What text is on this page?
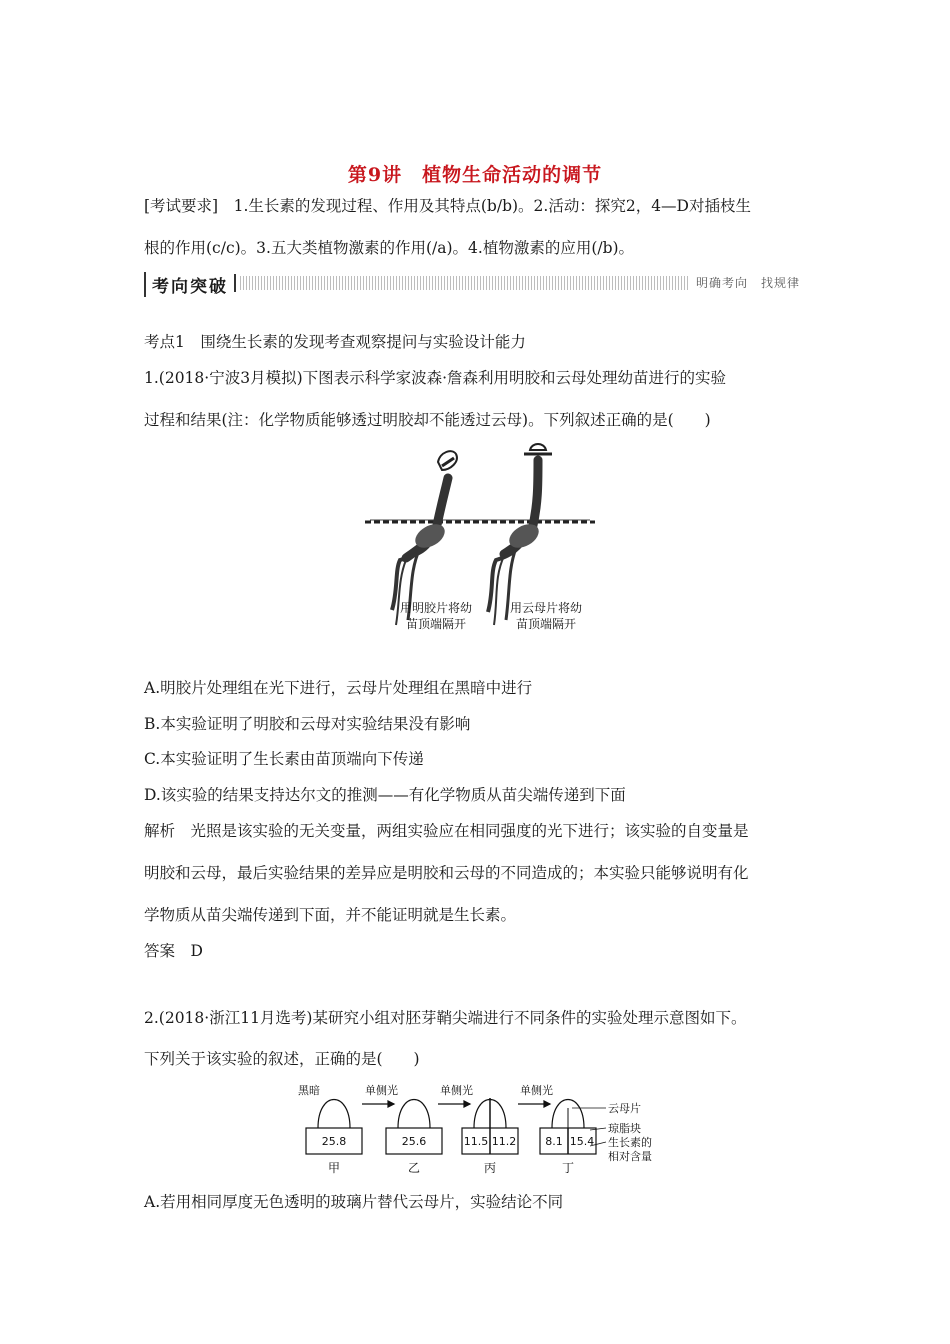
第9讲　植物生命活动的调节
[考试要求]　1.生长素的发现过程、作用及其特点(b/b)。2.活动：探究2，4—D对插枝生
根的作用(c/c)。3.五大类植物激素的作用(/a)。4.植物激素的应用(/b)。
考向突破	明确考向　找规律
考点1　围绕生长素的发现考查观察提问与实验设计能力
1.(2018·宁波3月模拟)下图表示科学家波森·詹森利用明胶和云母处理幼苗进行的实验
过程和结果(注：化学物质能够透过明胶却不能透过云母)。下列叙述正确的是(　　)
用明胶片将幼
苗顶端隔开
用云母片将幼
苗顶端隔开
A.明胶片处理组在光下进行，云母片处理组在黑暗中进行
B.本实验证明了明胶和云母对实验结果没有影响
C.本实验证明了生长素由苗顶端向下传递
D.该实验的结果支持达尔文的推测——有化学物质从苗尖端传递到下面
解析　光照是该实验的无关变量，两组实验应在相同强度的光下进行；该实验的自变量是
明胶和云母，最后实验结果的差异应是明胶和云母的不同造成的；本实验只能够说明有化
学物质从苗尖端传递到下面，并不能证明就是生长素。
答案　D
2.(2018·浙江11月选考)某研究小组对胚芽鞘尖端进行不同条件的实验处理示意图如下。
下列关于该实验的叙述，正确的是(　　)
黑暗	单侧光	单侧光	单侧光
25.8	25.6	11.5 11.2	8.1 15.4
甲	乙	丙	丁
云母片
琼脂块
生长素的
相对含量
A.若用相同厚度无色透明的玻璃片替代云母片，实验结论不同
